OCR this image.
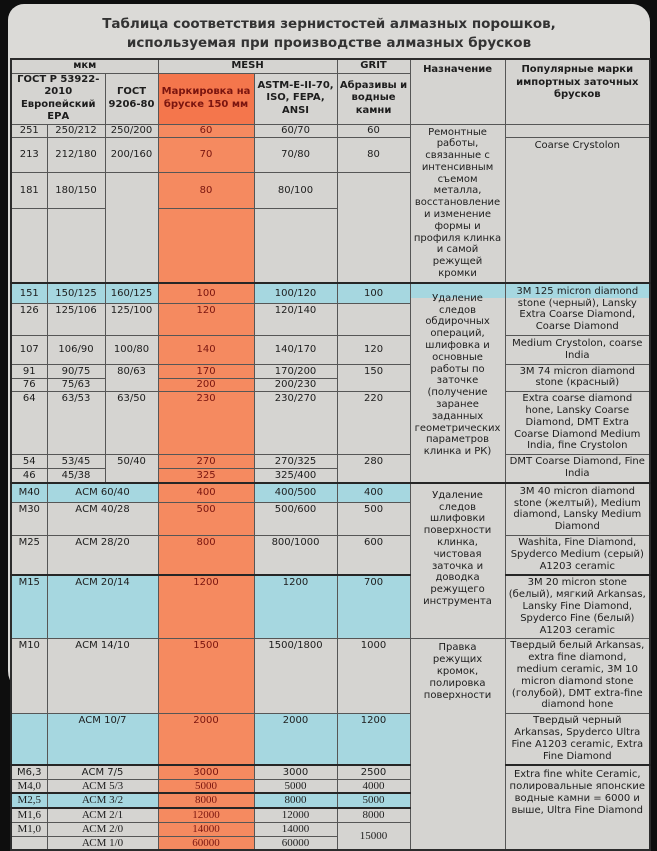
Таблица соответствия зернистостей алмазных порошков,
используемая при производстве алмазных брусков
мкм			MESH		GRIT	Назначение	Популярные марки импортных заточных брусков
ГОСТ Р 53922-2010 Европейский ЕРА		ГОСТ 9206-80	Маркировка на бруске 150 мм	ASTM-E-II-70, ISO, FEPA, ANSI	Абразивы и водные камни		
251	250/212	250/200	60	60/70	60	Ремонтные работы, связанные с интенсивным съемом металла, восстановление и изменение формы и профиля клинка и самой режущей кромки	
213	212/180	200/160	70	70/80	80		Coarse Crystolon
181	180/150		80	80/100			

151	150/125	160/125	100	100/120	100	Удаление следов обдирочных операций, шлифовка и основные работы по заточке (получение заранее заданных геометрических параметров клинка и РК)	3М 125 micron diamond stone (черный), Lansky Extra Coarse Diamond, Coarse Diamond
126	125/106	125/100	120	120/140			
107	106/90	100/80	140	140/170	120		Medium Crystolon, coarse India
91	90/75	80/63	170	170/200	150		3М 74 micron diamond stone (красный)
76	75/63		200	200/230			
64	63/53	63/50	230	230/270	220		Extra coarse diamond hone, Lansky Coarse Diamond, DMT Extra Coarse Diamond Medium India, fine Crystolon
54	53/45	50/40	270	270/325	280		DMT Coarse Diamond, Fine India
46	45/38		325	325/400			
М40	АСМ 60/40		400	400/500	400	Удаление следов шлифовки поверхности клинка, чистовая заточка и доводка режущего инструмента	3М 40 micron diamond stone (желтый), Medium diamond, Lansky Medium Diamond
М30	АСМ 40/28		500	500/600	500		
М25	АСМ 28/20		800	800/1000	600		Washita, Fine Diamond, Spyderco Medium (серый) А1203 ceramic
М15	АСМ 20/14		1200	1200	700		3М 20 micron stone (белый), мягкий Arkansas, Lansky Fine Diamond, Spyderco Fine (белый) А1203 ceramic
М10	АСМ 14/10		1500	1500/1800	1000	Правка режущих кромок, полировка поверхности	Твердый белый Arkansas, extra fine diamond, medium ceramic, 3М 10 micron diamond stone (голубой), DMT extra-fine diamond hone
	АСМ 10/7		2000	2000	1200		Твердый черный Arkansas, Spyderco Ultra Fine А1203 ceramic, Extra Fine Diamond
М6,3	АСМ 7/5		3000	3000	2500		Extra fine white Ceramic, полировальные японские водные камни = 6000 и выше, Ultra Fine Diamond
М4,0	АСМ 5/3		5000	5000	4000		
М2,5	АСМ 3/2		8000	8000	5000		
М1,6	АСМ 2/1		12000	12000	8000		
М1,0	АСМ 2/0		14000	14000	15000		
	АСМ 1/0		60000	60000			
